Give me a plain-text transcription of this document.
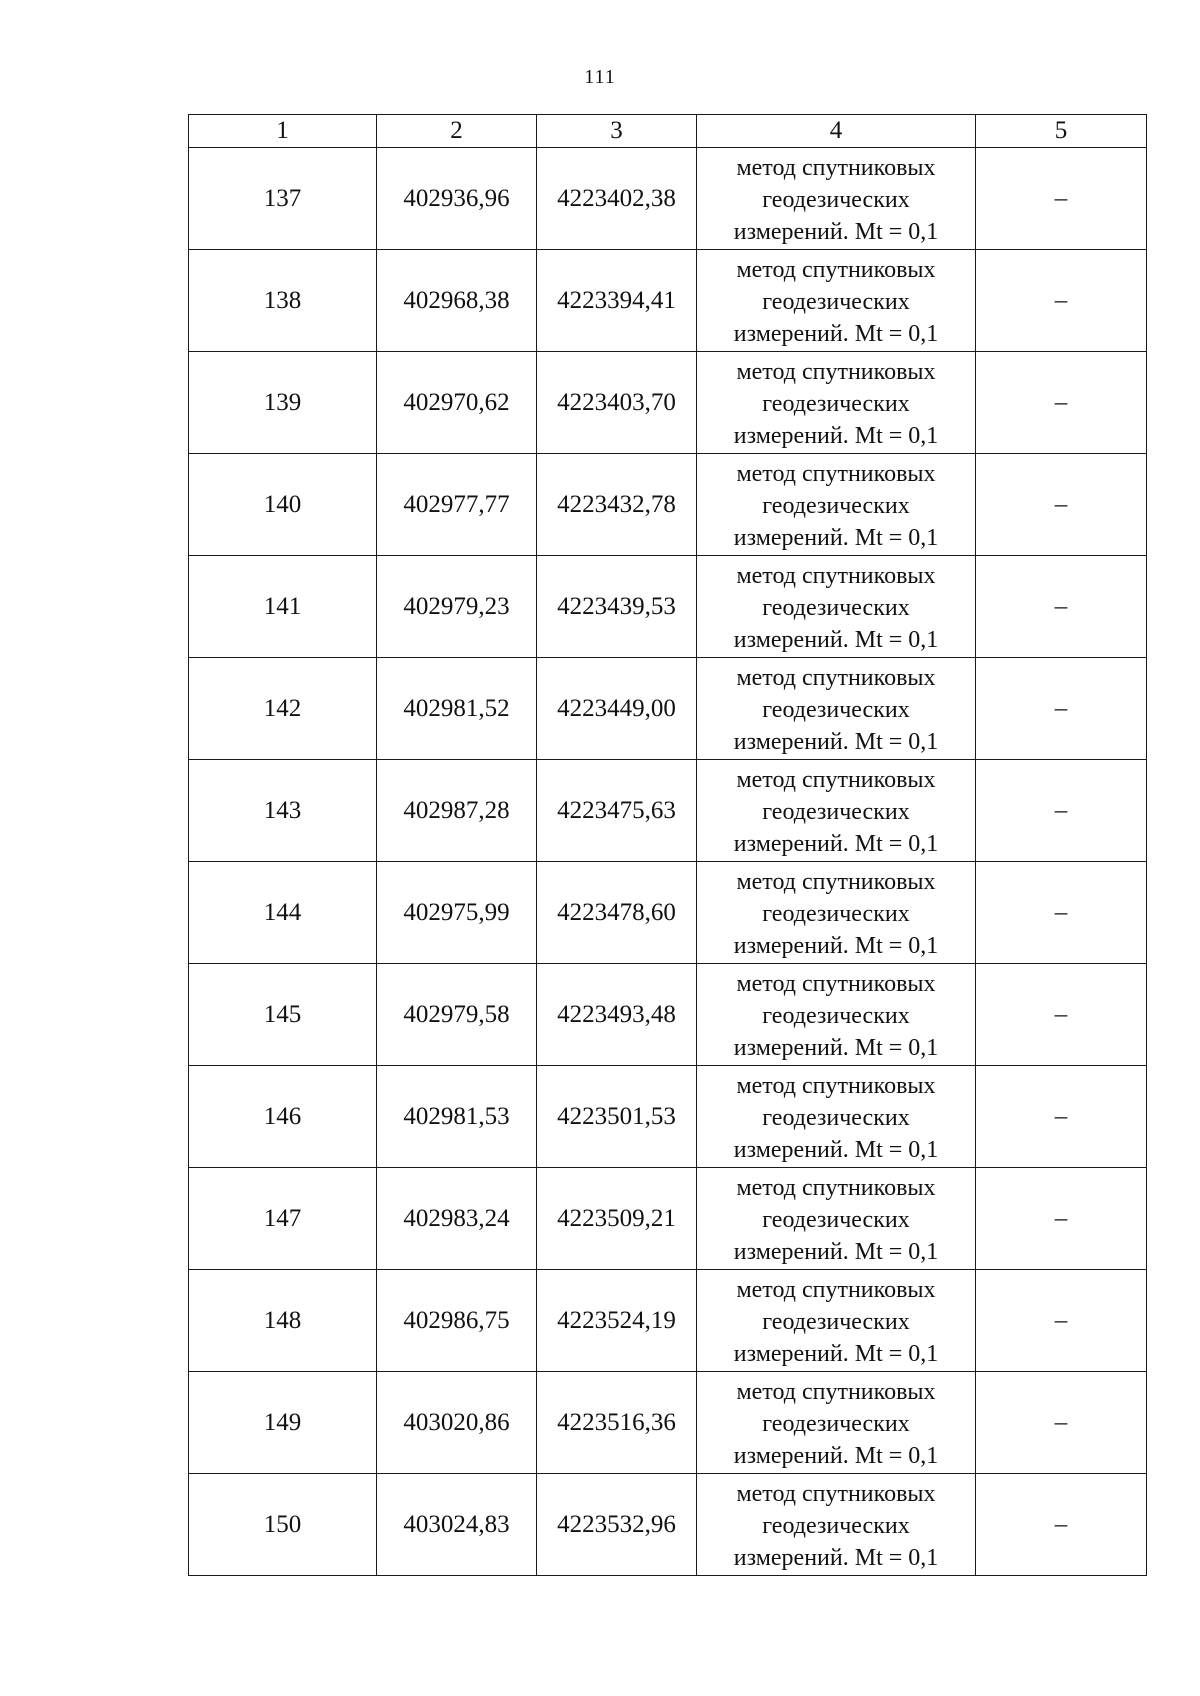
111
1	2	3	4	5
137	402936,96	4223402,38	метод спутниковых
геодезических
измерений. Mt = 0,1	–
138	402968,38	4223394,41	метод спутниковых
геодезических
измерений. Mt = 0,1	–
139	402970,62	4223403,70	метод спутниковых
геодезических
измерений. Mt = 0,1	–
140	402977,77	4223432,78	метод спутниковых
геодезических
измерений. Mt = 0,1	–
141	402979,23	4223439,53	метод спутниковых
геодезических
измерений. Mt = 0,1	–
142	402981,52	4223449,00	метод спутниковых
геодезических
измерений. Mt = 0,1	–
143	402987,28	4223475,63	метод спутниковых
геодезических
измерений. Mt = 0,1	–
144	402975,99	4223478,60	метод спутниковых
геодезических
измерений. Mt = 0,1	–
145	402979,58	4223493,48	метод спутниковых
геодезических
измерений. Mt = 0,1	–
146	402981,53	4223501,53	метод спутниковых
геодезических
измерений. Mt = 0,1	–
147	402983,24	4223509,21	метод спутниковых
геодезических
измерений. Mt = 0,1	–
148	402986,75	4223524,19	метод спутниковых
геодезических
измерений. Mt = 0,1	–
149	403020,86	4223516,36	метод спутниковых
геодезических
измерений. Mt = 0,1	–
150	403024,83	4223532,96	метод спутниковых
геодезических
измерений. Mt = 0,1	–
